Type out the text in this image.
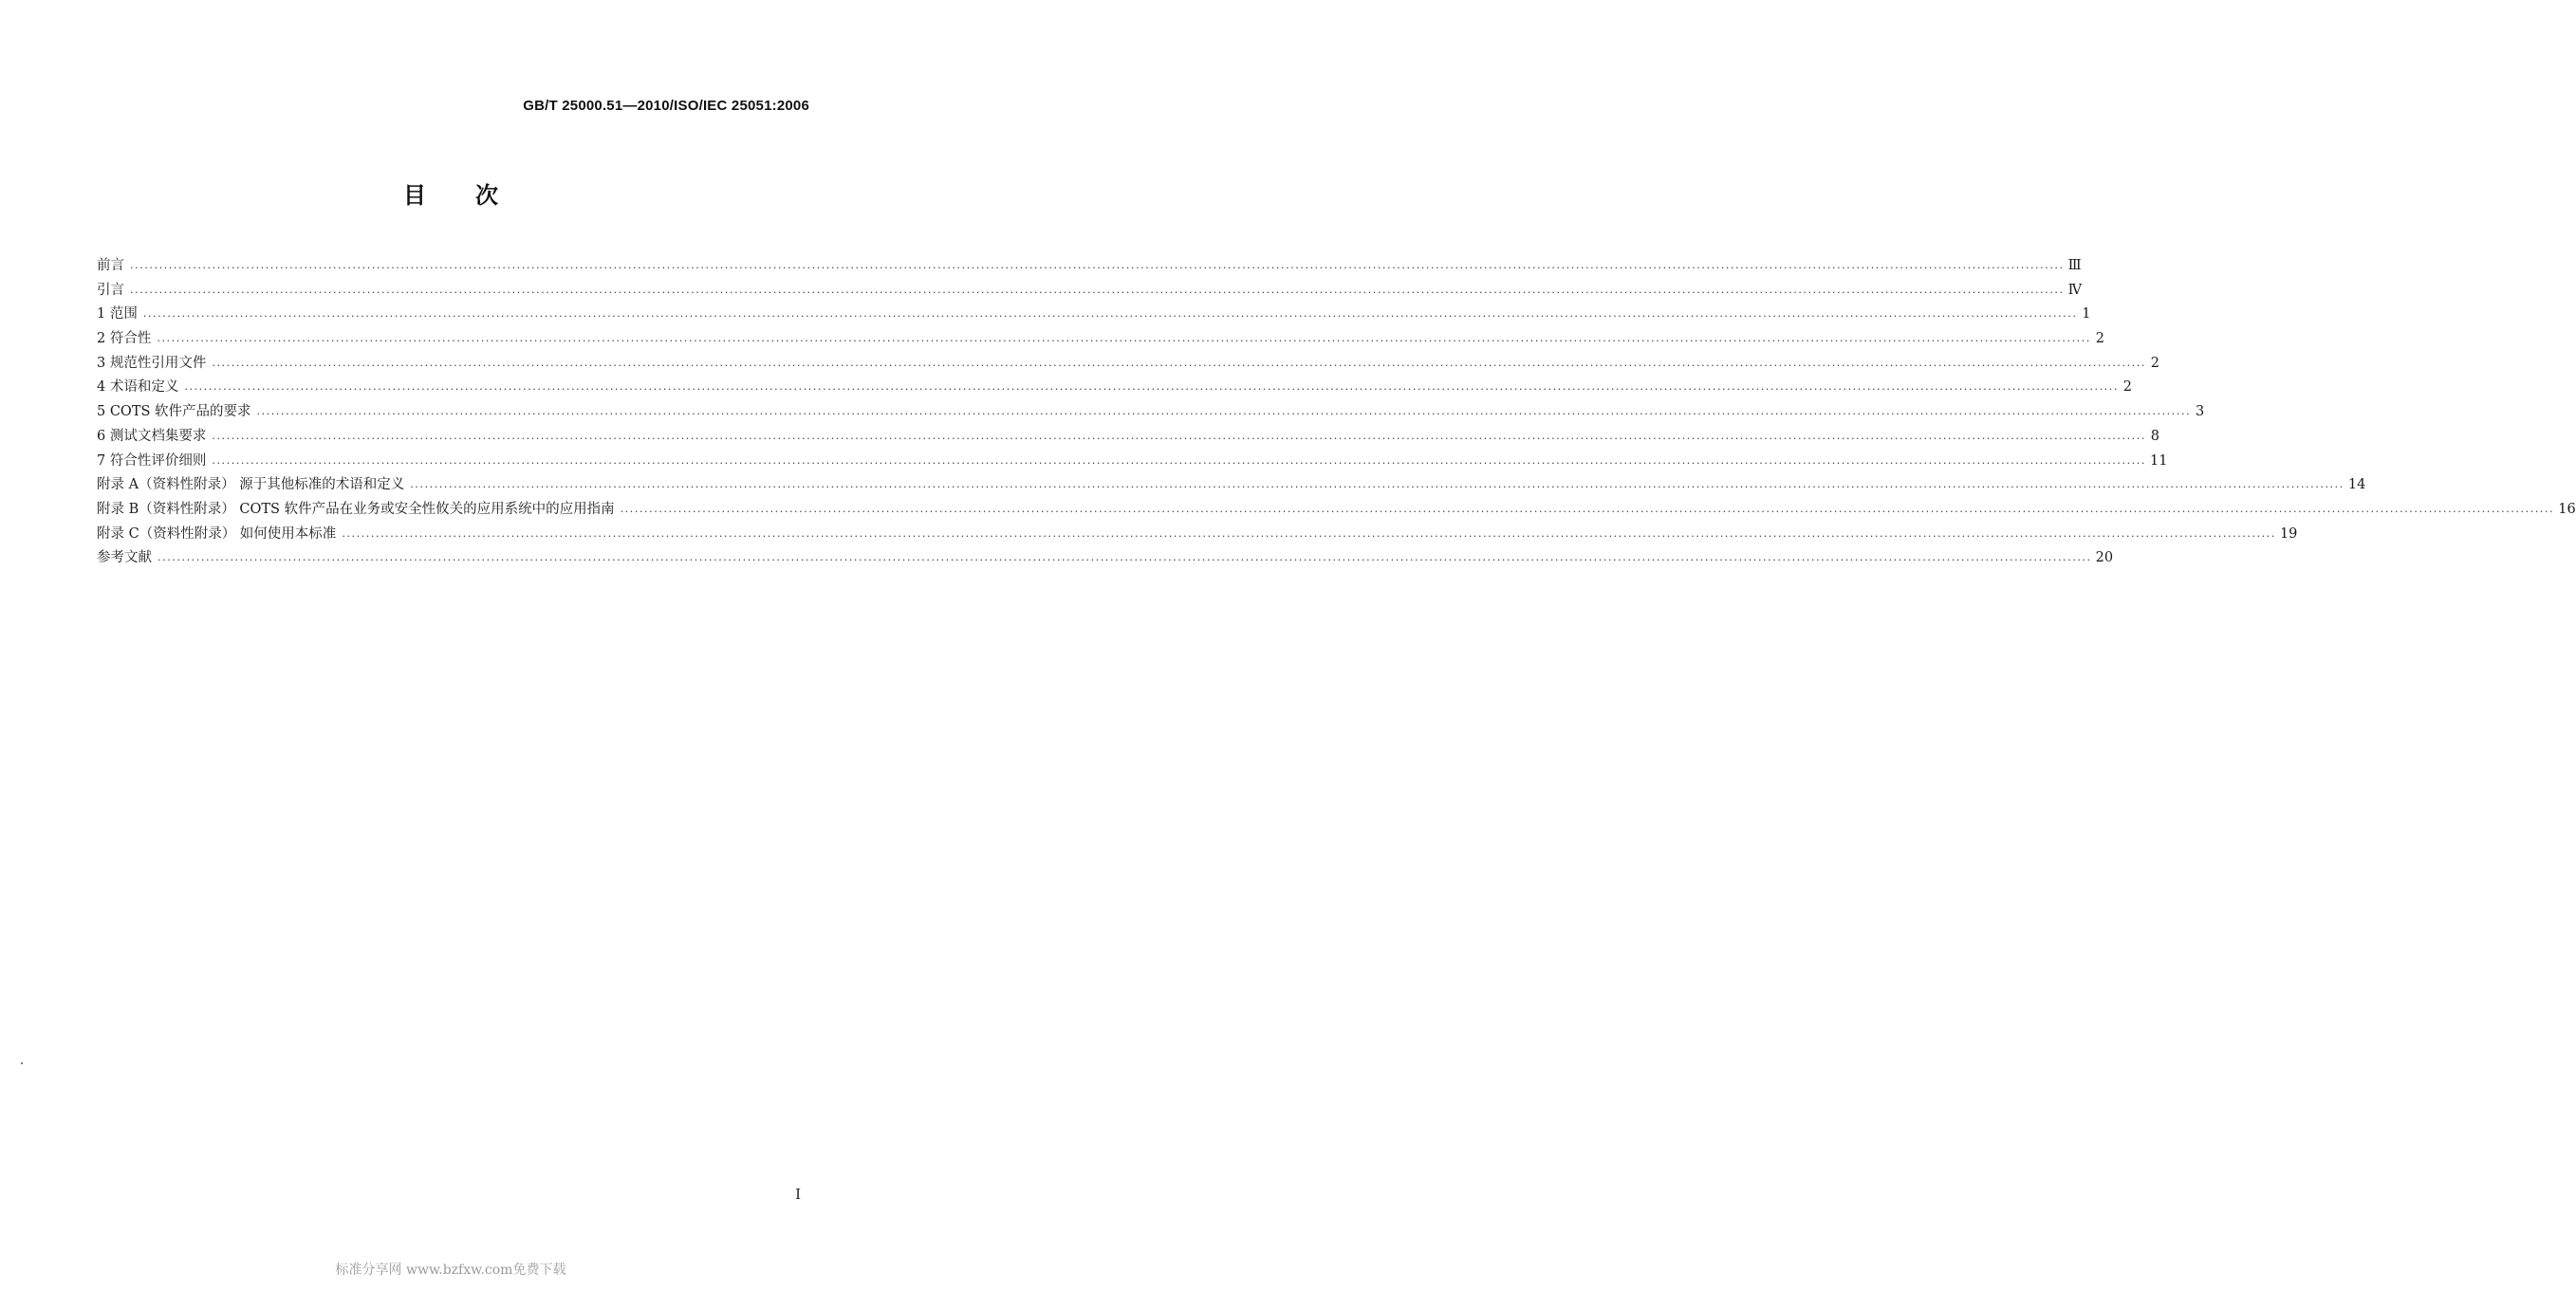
GB/T 25000.51—2010/ISO/IEC 25051:2006
目 次
前言 ................................................................................................................................................................................................................................................................................................................................................................................................................ Ⅲ
引言 ................................................................................................................................................................................................................................................................................................................................................................................................................ Ⅳ
1 范围 ................................................................................................................................................................................................................................................................................................................................................................................................................ 1
2 符合性 ................................................................................................................................................................................................................................................................................................................................................................................................................ 2
3 规范性引用文件 ................................................................................................................................................................................................................................................................................................................................................................................................................ 2
4 术语和定义 ................................................................................................................................................................................................................................................................................................................................................................................................................ 2
5 COTS 软件产品的要求 ................................................................................................................................................................................................................................................................................................................................................................................................................ 3
6 测试文档集要求 ................................................................................................................................................................................................................................................................................................................................................................................................................ 8
7 符合性评价细则 ................................................................................................................................................................................................................................................................................................................................................................................................................ 11
附录 A（资料性附录） 源于其他标准的术语和定义 ................................................................................................................................................................................................................................................................................................................................................................................................................ 14
附录 B（资料性附录） COTS 软件产品在业务或安全性攸关的应用系统中的应用指南 ................................................................................................................................................................................................................................................................................................................................................................................................................ 16
附录 C（资料性附录） 如何使用本标准 ................................................................................................................................................................................................................................................................................................................................................................................................................ 19
参考文献 ................................................................................................................................................................................................................................................................................................................................................................................................................ 20
Ⅰ
标准分享网 www.bzfxw.com免费下载
